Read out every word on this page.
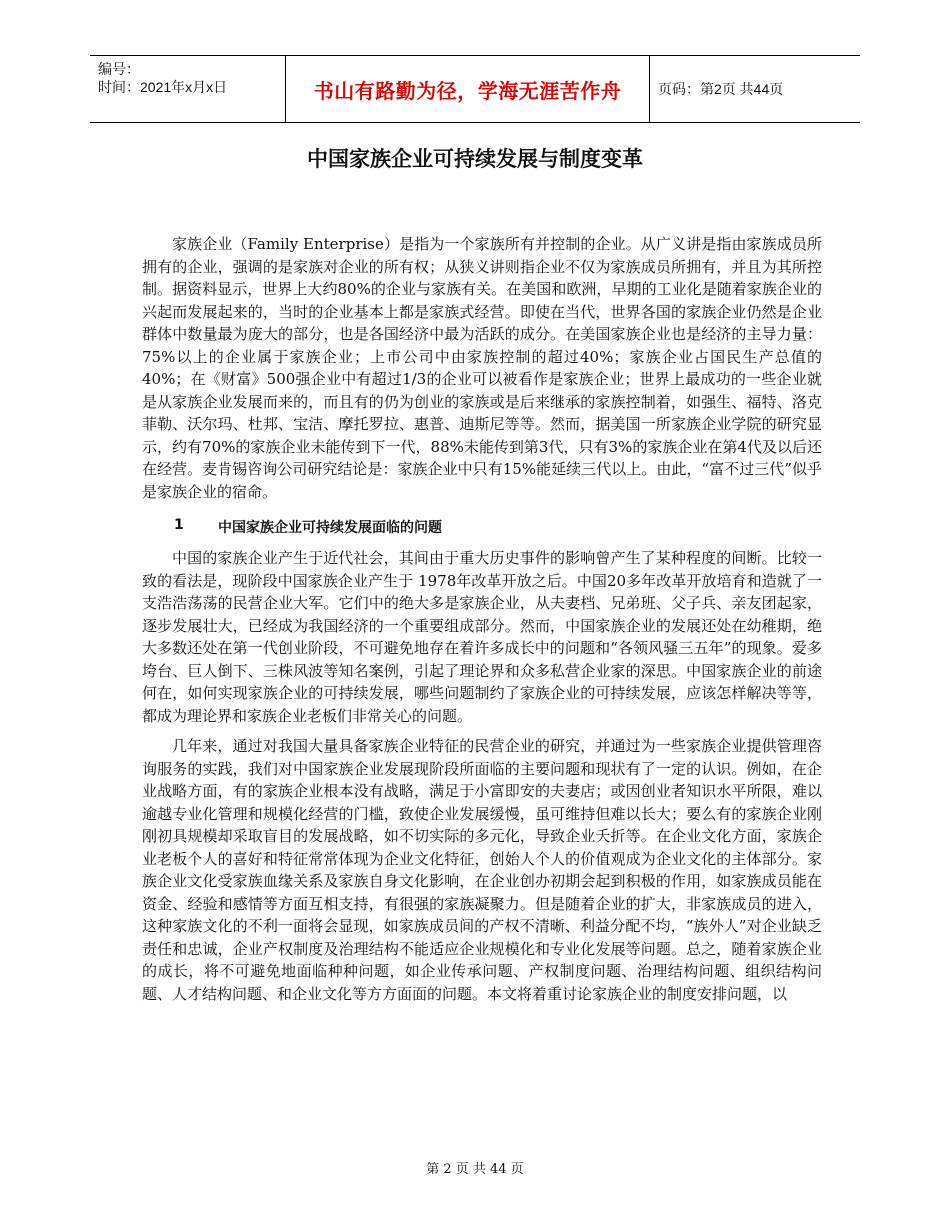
编号：
时间：2021年x月x日	书山有路勤为径，学海无涯苦作舟	页码：第2页 共44页
中国家族企业可持续发展与制度变革

家族企业（Family Enterprise）是指为一个家族所有并控制的企业。从广义讲是指由家族成员所拥有的企业，强调的是家族对企业的所有权；从狭义讲则指企业不仅为家族成员所拥有，并且为其所控制。据资料显示，世界上大约80%的企业与家族有关。在美国和欧洲，早期的工业化是随着家族企业的兴起而发展起来的，当时的企业基本上都是家族式经营。即使在当代，世界各国的家族企业仍然是企业群体中数量最为庞大的部分，也是各国经济中最为活跃的成分。在美国家族企业也是经济的主导力量：75%以上的企业属于家族企业；上市公司中由家族控制的超过40%；家族企业占国民生产总值的40%；在《财富》500强企业中有超过1/3的企业可以被看作是家族企业；世界上最成功的一些企业就是从家族企业发展而来的，而且有的仍为创业的家族或是后来继承的家族控制着，如强生、福特、洛克菲勒、沃尔玛、杜邦、宝洁、摩托罗拉、惠普、迪斯尼等等。然而，据美国一所家族企业学院的研究显示，约有70%的家族企业未能传到下一代，88%未能传到第3代，只有3%的家族企业在第4代及以后还在经营。麦肯锡咨询公司研究结论是：家族企业中只有15%能延续三代以上。由此，“富不过三代”似乎是家族企业的宿命。

1	中国家族企业可持续发展面临的问题

中国的家族企业产生于近代社会，其间由于重大历史事件的影响曾产生了某种程度的间断。比较一致的看法是，现阶段中国家族企业产生于 1978年改革开放之后。中国20多年改革开放培育和造就了一支浩浩荡荡的民营企业大军。它们中的绝大多是家族企业，从夫妻档、兄弟班、父子兵、亲友团起家，逐步发展壮大，已经成为我国经济的一个重要组成部分。然而，中国家族企业的发展还处在幼稚期，绝大多数还处在第一代创业阶段，不可避免地存在着许多成长中的问题和“各领风骚三五年”的现象。爱多垮台、巨人倒下、三株风波等知名案例，引起了理论界和众多私营企业家的深思。中国家族企业的前途何在，如何实现家族企业的可持续发展，哪些问题制约了家族企业的可持续发展，应该怎样解决等等，都成为理论界和家族企业老板们非常关心的问题。

几年来，通过对我国大量具备家族企业特征的民营企业的研究，并通过为一些家族企业提供管理咨询服务的实践，我们对中国家族企业发展现阶段所面临的主要问题和现状有了一定的认识。例如，在企业战略方面，有的家族企业根本没有战略，满足于小富即安的夫妻店；或因创业者知识水平所限，难以逾越专业化管理和规模化经营的门槛，致使企业发展缓慢，虽可维持但难以长大；要么有的家族企业刚刚初具规模却采取盲目的发展战略，如不切实际的多元化，导致企业夭折等。在企业文化方面，家族企业老板个人的喜好和特征常常体现为企业文化特征，创始人个人的价值观成为企业文化的主体部分。家族企业文化受家族血缘关系及家族自身文化影响，在企业创办初期会起到积极的作用，如家族成员能在资金、经验和感情等方面互相支持，有很强的家族凝聚力。但是随着企业的扩大，非家族成员的进入，这种家族文化的不利一面将会显现，如家族成员间的产权不清晰、利益分配不均，“族外人”对企业缺乏责任和忠诚，企业产权制度及治理结构不能适应企业规模化和专业化发展等问题。总之，随着家族企业的成长，将不可避免地面临种种问题，如企业传承问题、产权制度问题、治理结构问题、组织结构问题、人才结构问题、和企业文化等方方面面的问题。本文将着重讨论家族企业的制度安排问题，以

第 2 页 共 44 页
